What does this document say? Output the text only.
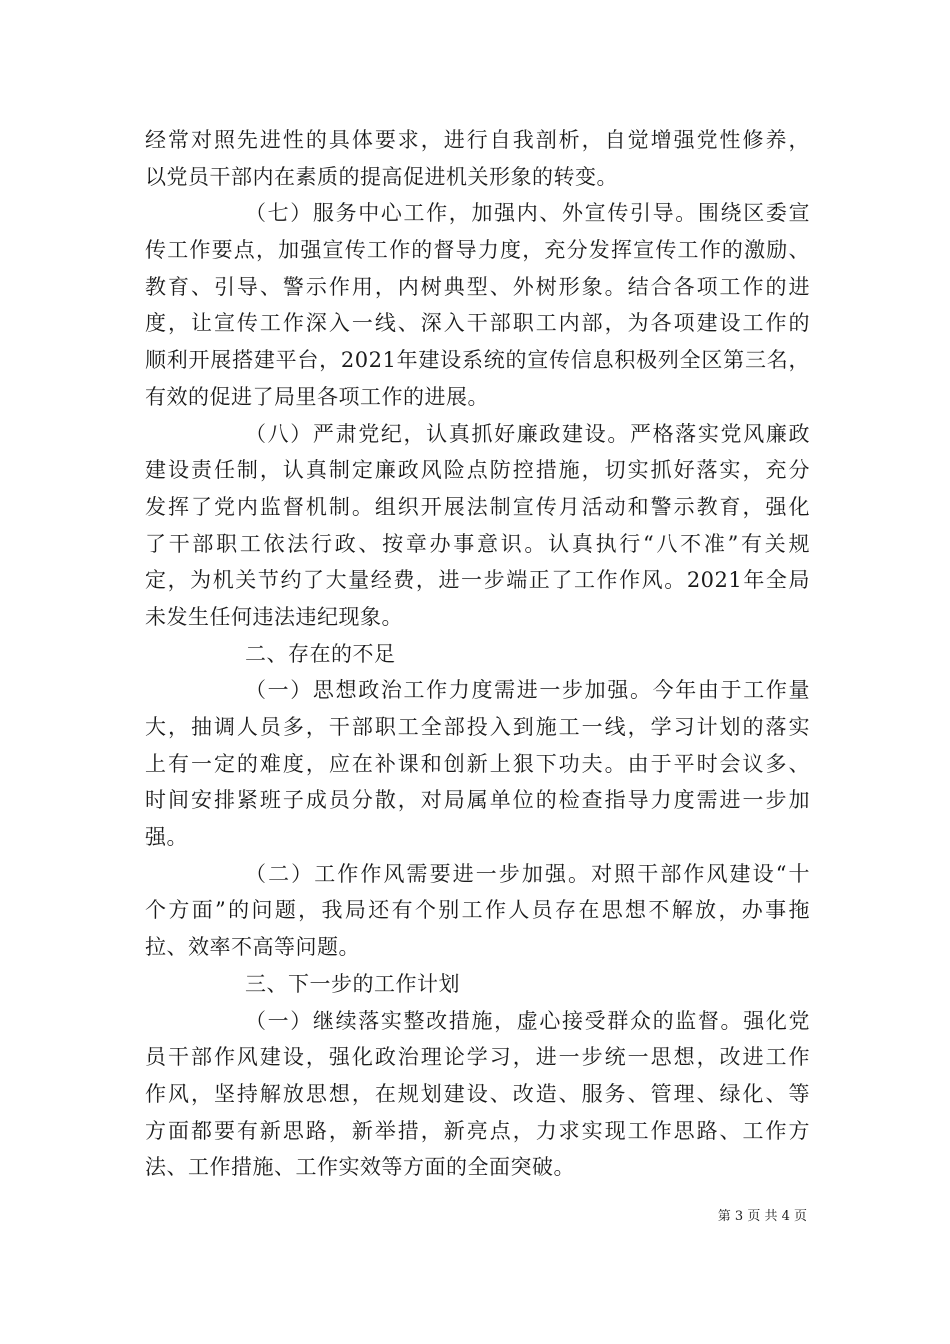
经常对照先进性的具体要求，进行自我剖析，自觉增强党性修养，
以党员干部内在素质的提高促进机关形象的转变。
（七）服务中心工作，加强内、外宣传引导。围绕区委宣
传工作要点，加强宣传工作的督导力度，充分发挥宣传工作的激励、
教育、引导、警示作用，内树典型、外树形象。结合各项工作的进
度，让宣传工作深入一线、深入干部职工内部，为各项建设工作的
顺利开展搭建平台，2021年建设系统的宣传信息积极列全区第三名，
有效的促进了局里各项工作的进展。
（八）严肃党纪，认真抓好廉政建设。严格落实党风廉政
建设责任制，认真制定廉政风险点防控措施，切实抓好落实，充分
发挥了党内监督机制。组织开展法制宣传月活动和警示教育，强化
了干部职工依法行政、按章办事意识。认真执行“八不准”有关规
定，为机关节约了大量经费，进一步端正了工作作风。2021年全局
未发生任何违法违纪现象。
二、存在的不足
（一）思想政治工作力度需进一步加强。今年由于工作量
大，抽调人员多，干部职工全部投入到施工一线，学习计划的落实
上有一定的难度，应在补课和创新上狠下功夫。由于平时会议多、
时间安排紧班子成员分散，对局属单位的检查指导力度需进一步加
强。
（二）工作作风需要进一步加强。对照干部作风建设“十
个方面”的问题，我局还有个别工作人员存在思想不解放，办事拖
拉、效率不高等问题。
三、下一步的工作计划
（一）继续落实整改措施，虚心接受群众的监督。强化党
员干部作风建设，强化政治理论学习，进一步统一思想，改进工作
作风，坚持解放思想，在规划建设、改造、服务、管理、绿化、等
方面都要有新思路，新举措，新亮点，力求实现工作思路、工作方
法、工作措施、工作实效等方面的全面突破。
第 3 页 共 4 页
